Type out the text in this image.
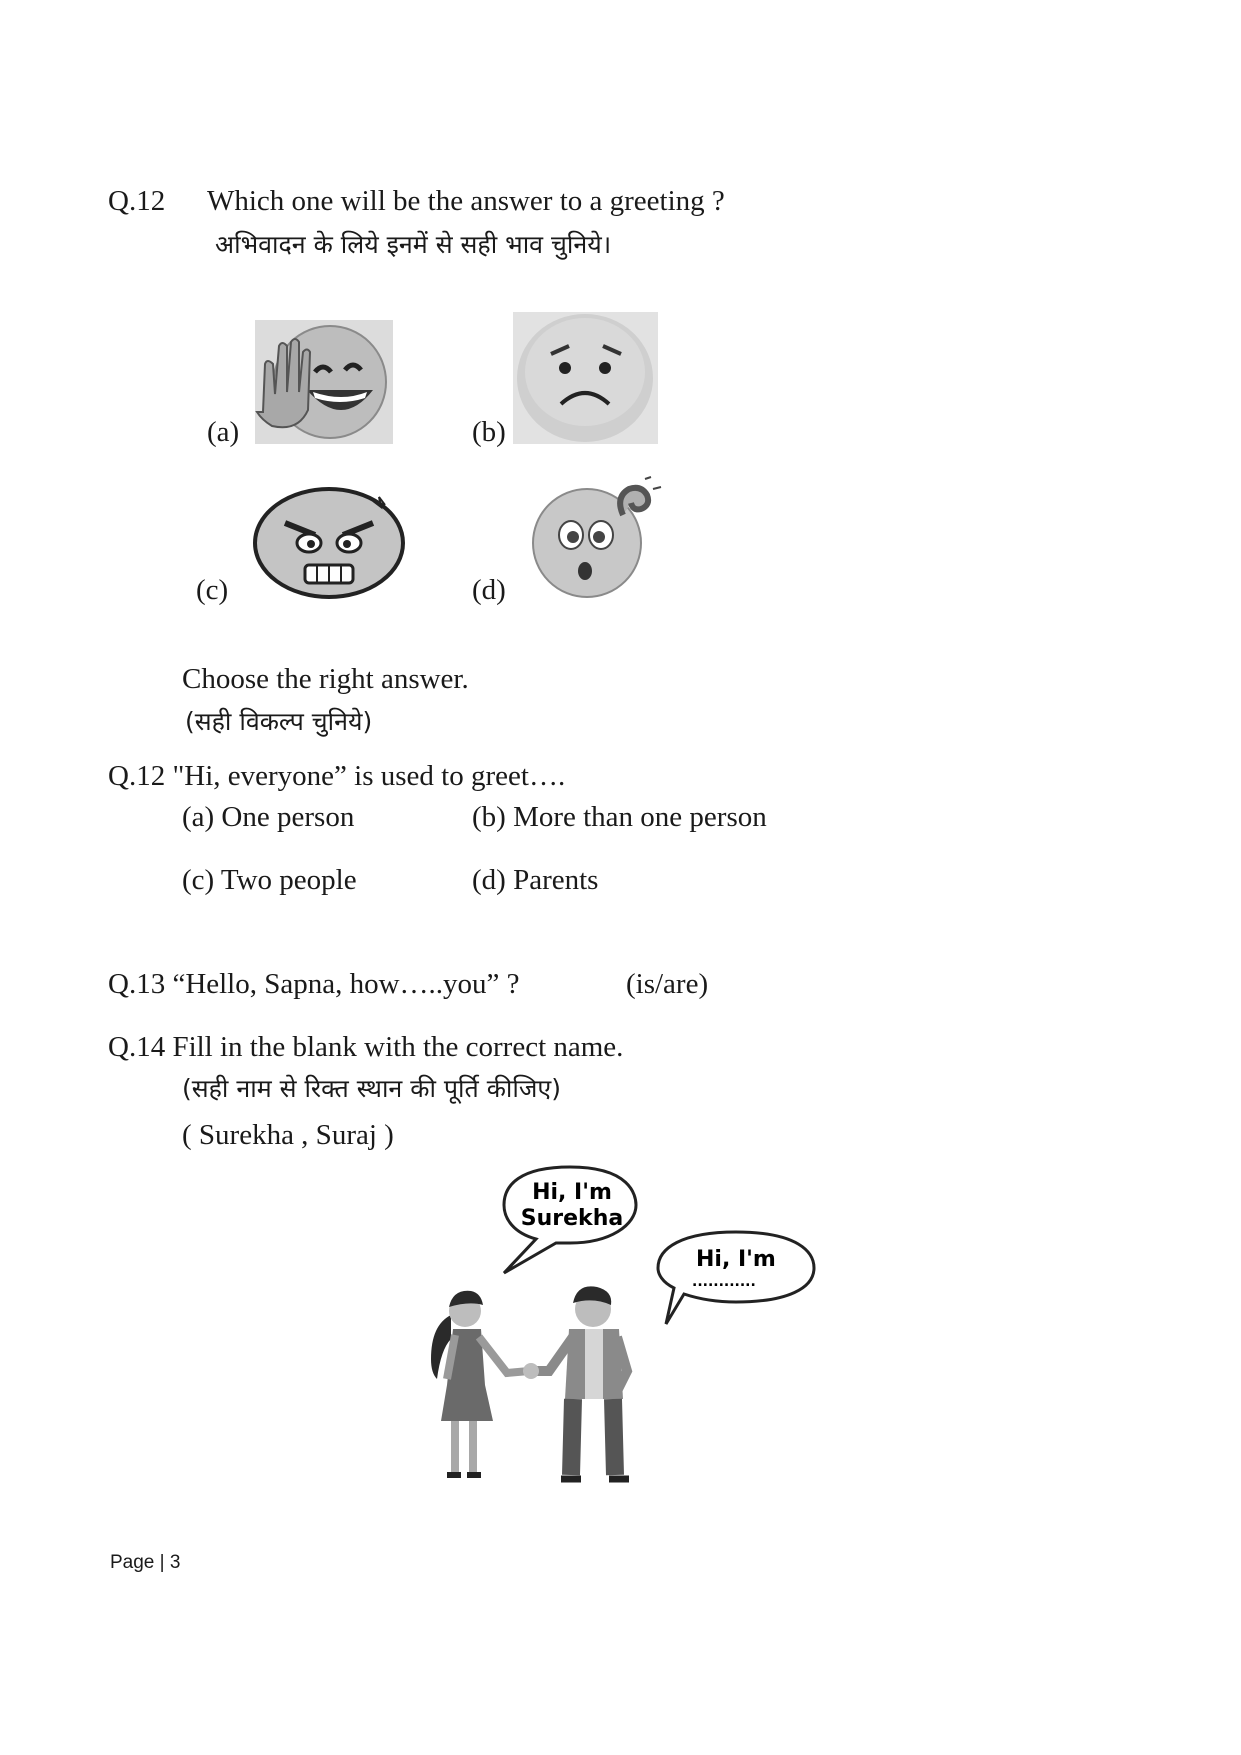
Q.12 Which one will be the answer to a greeting ?
अभिवादन के लिये इनमें से सही भाव चुनिये।
(a)	(b)
(c)	(d)
Choose the right answer.
(सही विकल्प चुनिये)
Q.12 "Hi, everyone” is used to greet….
(a) One person	(b) More than one person
(c) Two people	(d) Parents
Q.13 “Hello, Sapna, how…..you” ?	(is/are)
Q.14 Fill in the blank with the correct name.
(सही नाम से रिक्त स्थान की पूर्ति कीजिए)
( Surekha , Suraj )
Hi, I'm
Surekha
Hi, I'm
............
Page | 3
